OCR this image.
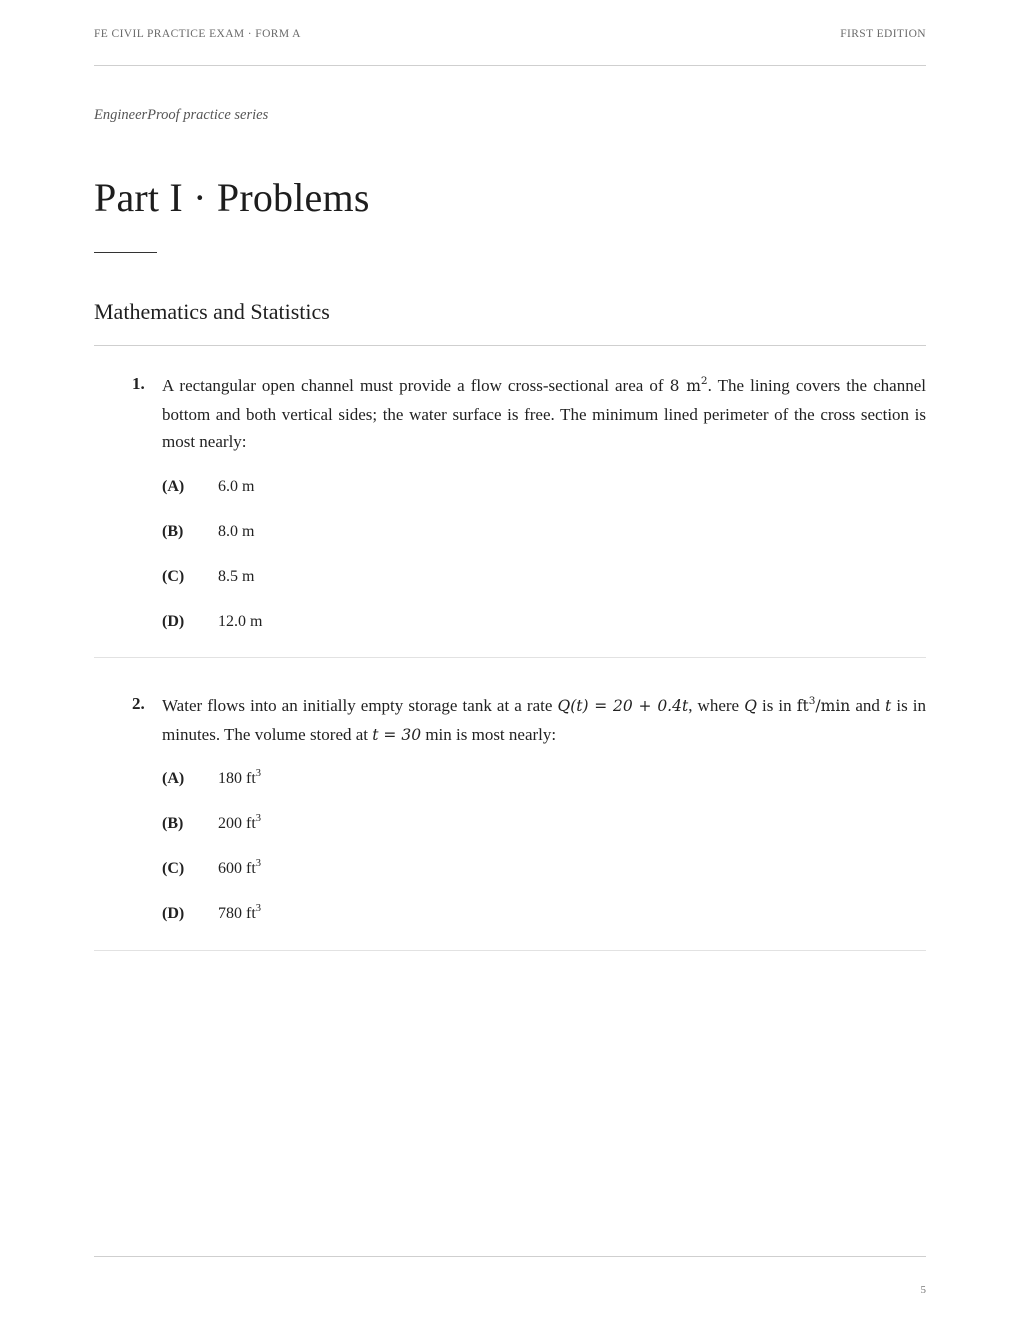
FE CIVIL PRACTICE EXAM · FORM A	FIRST EDITION
EngineerProof practice series
Part I · Problems
Mathematics and Statistics
1. A rectangular open channel must provide a flow cross-sectional area of 8 $m^2$. The lining covers the channel bottom and both vertical sides; the water surface is free. The minimum lined perimeter of the cross section is most nearly:

(A)	6.0 m
(B)	8.0 m
(C)	8.5 m
(D)	12.0 m
2. Water flows into an initially empty storage tank at a rate Q(t) = 20 + 0.4t, where Q is in $ft^3/\min$ and t is in minutes. The volume stored at t = 30 min is most nearly:

(A)	180 $ft^3$
(B)	200 $ft^3$
(C)	600 $ft^3$
(D)	780 $ft^3$
5
